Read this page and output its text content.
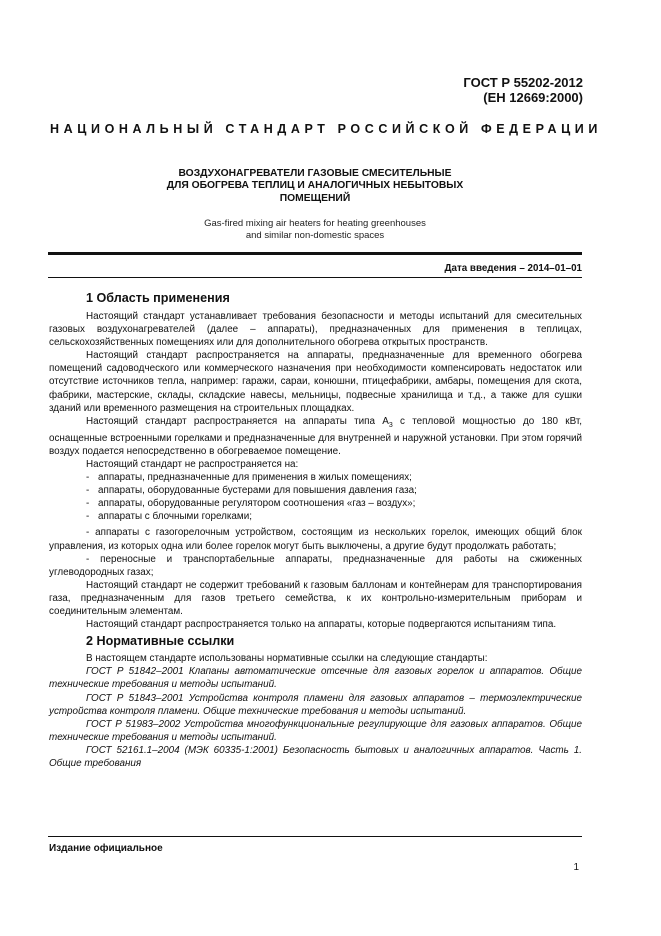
ГОСТ Р 55202-2012
(ЕН 12669:2000)
НАЦИОНАЛЬНЫЙ СТАНДАРТ РОССИЙСКОЙ ФЕДЕРАЦИИ
ВОЗДУХОНАГРЕВАТЕЛИ ГАЗОВЫЕ СМЕСИТЕЛЬНЫЕ
ДЛЯ ОБОГРЕВА ТЕПЛИЦ И АНАЛОГИЧНЫХ НЕБЫТОВЫХ
ПОМЕЩЕНИЙ
Gas-fired mixing air heaters for heating greenhouses
and similar non-domestic spaces
Дата введения – 2014–01–01
1 Область применения

Настоящий стандарт устанавливает требования безопасности и методы испытаний для смесительных газовых воздухонагревателей (далее – аппараты), предназначенных для применения в теплицах, сельскохозяйственных помещениях или для дополнительного обогрева открытых пространств.

Настоящий стандарт распространяется на аппараты, предназначенные для временного обогрева помещений садоводческого или коммерческого назначения при необходимости компенсировать недостаток или отсутствие источников тепла, например: гаражи, сараи, конюшни, птицефабрики, амбары, помещения для скота, фабрики, мастерские, склады, складские навесы, мельницы, подвесные хранилища и т.д., а также для сушки зданий или временного размещения на строительных площадках.

Настоящий стандарт распространяется на аппараты типа $А_3$ с тепловой мощностью до 180 кВт, оснащенные встроенными горелками и предназначенные для внутренней и наружной установки. При этом горячий воздух подается непосредственно в обогреваемое помещение.

Настоящий стандарт не распространяется на:

- аппараты, предназначенные для применения в жилых помещениях;
- аппараты, оборудованные бустерами для повышения давления газа;
- аппараты, оборудованные регулятором соотношения «газ – воздух»;
- аппараты с блочными горелками;

- аппараты с газогорелочным устройством, состоящим из нескольких горелок, имеющих общий блок управления, из которых одна или более горелок могут быть выключены, а другие будут продолжать работать;

- переносные и транспортабельные аппараты, предназначенные для работы на сжиженных углеводородных газах;

Настоящий стандарт не содержит требований к газовым баллонам и контейнерам для транспортирования газа, предназначенным для газов третьего семейства, к их контрольно-измерительным приборам и соединительным элементам.

Настоящий стандарт распространяется только на аппараты, которые подвергаются испытаниям типа.

2 Нормативные ссылки

В настоящем стандарте использованы нормативные ссылки на следующие стандарты:

ГОСТ Р 51842–2001 Клапаны автоматические отсечные для газовых горелок и аппаратов. Общие технические требования и методы испытаний.

ГОСТ Р 51843–2001 Устройства контроля пламени для газовых аппаратов – термоэлектрические устройства контроля пламени. Общие технические требования и методы испытаний.

ГОСТ Р 51983–2002 Устройства многофункциональные регулирующие для газовых аппаратов. Общие технические требования и методы испытаний.

ГОСТ 52161.1–2004 (МЭК 60335-1:2001) Безопасность бытовых и аналогичных аппаратов. Часть 1. Общие требования

Издание официальное
1
